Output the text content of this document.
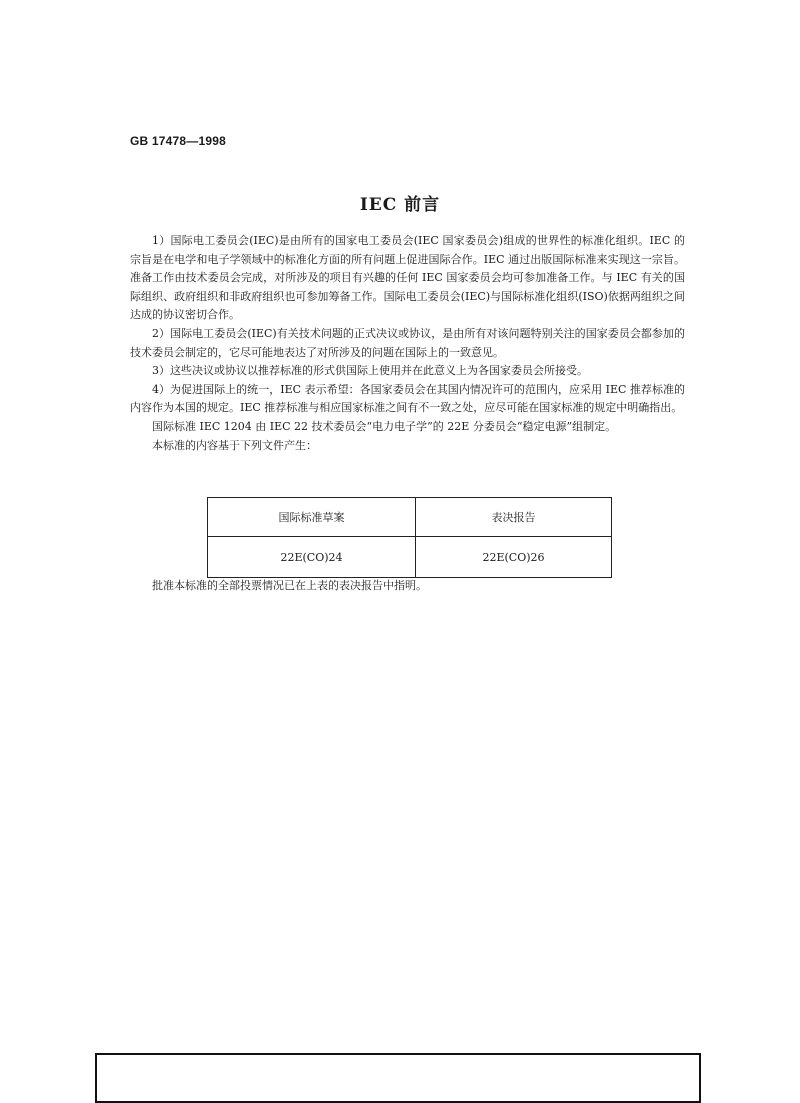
GB 17478—1998
IEC 前言

1）国际电工委员会(IEC)是由所有的国家电工委员会(IEC 国家委员会)组成的世界性的标准化组织。IEC 的宗旨是在电学和电子学领域中的标准化方面的所有问题上促进国际合作。IEC 通过出版国际标准来实现这一宗旨。准备工作由技术委员会完成，对所涉及的项目有兴趣的任何 IEC 国家委员会均可参加准备工作。与 IEC 有关的国际组织、政府组织和非政府组织也可参加筹备工作。国际电工委员会(IEC)与国际标准化组织(ISO)依据两组织之间达成的协议密切合作。

2）国际电工委员会(IEC)有关技术问题的正式决议或协议，是由所有对该问题特别关注的国家委员会都参加的技术委员会制定的，它尽可能地表达了对所涉及的问题在国际上的一致意见。

3）这些决议或协议以推荐标准的形式供国际上使用并在此意义上为各国家委员会所接受。

4）为促进国际上的统一，IEC 表示希望：各国家委员会在其国内情况许可的范围内，应采用 IEC 推荐标准的内容作为本国的规定。IEC 推荐标准与相应国家标准之间有不一致之处，应尽可能在国家标准的规定中明确指出。

国际标准 IEC 1204 由 IEC 22 技术委员会“电力电子学”的 22E 分委员会“稳定电源”组制定。

本标准的内容基于下列文件产生：

国际标准草案	表决报告
22E(CO)24	22E(CO)26
批准本标准的全部投票情况已在上表的表决报告中指明。
